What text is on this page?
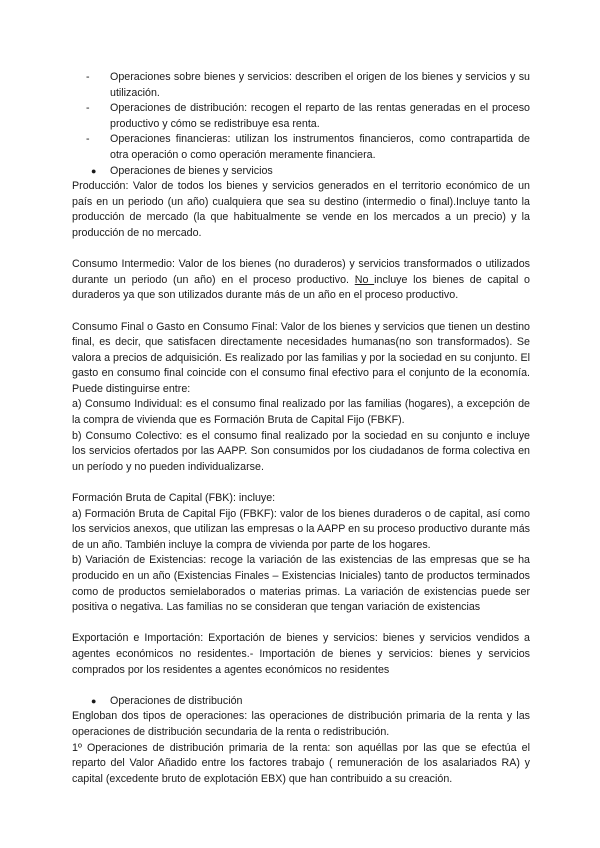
- Operaciones sobre bienes y servicios: describen el origen de los bienes y servicios y su utilización.
- Operaciones de distribución: recogen el reparto de las rentas generadas en el proceso productivo y cómo se redistribuye esa renta.
- Operaciones financieras: utilizan los instrumentos financieros, como contrapartida de otra operación o como operación meramente financiera.
● Operaciones de bienes y servicios

Producción: Valor de todos los bienes y servicios generados en el territorio económico de un país en un periodo (un año) cualquiera que sea su destino (intermedio o final).Incluye tanto la producción de mercado (la que habitualmente se vende en los mercados a un precio) y la producción de no mercado.

Consumo Intermedio: Valor de los bienes (no duraderos) y servicios transformados o utilizados durante un periodo (un año) en el proceso productivo. No incluye los bienes de capital o duraderos ya que son utilizados durante más de un año en el proceso productivo.

Consumo Final o Gasto en Consumo Final: Valor de los bienes y servicios que tienen un destino final, es decir, que satisfacen directamente necesidades humanas(no son transformados). Se valora a precios de adquisición. Es realizado por las familias y por la sociedad en su conjunto. El gasto en consumo final coincide con el consumo final efectivo para el conjunto de la economía. Puede distinguirse entre:

a) Consumo Individual: es el consumo final realizado por las familias (hogares), a excepción de la compra de vivienda que es Formación Bruta de Capital Fijo (FBKF).

b) Consumo Colectivo: es el consumo final realizado por la sociedad en su conjunto e incluye los servicios ofertados por las AAPP. Son consumidos por los ciudadanos de forma colectiva en un período y no pueden individualizarse.

Formación Bruta de Capital (FBK): incluye:

a) Formación Bruta de Capital Fijo (FBKF): valor de los bienes duraderos o de capital, así como los servicios anexos, que utilizan las empresas o la AAPP en su proceso productivo durante más de un año. También incluye la compra de vivienda por parte de los hogares.

b) Variación de Existencias: recoge la variación de las existencias de las empresas que se ha producido en un año (Existencias Finales – Existencias Iniciales) tanto de productos terminados como de productos semielaborados o materias primas. La variación de existencias puede ser positiva o negativa. Las familias no se consideran que tengan variación de existencias

Exportación e Importación: Exportación de bienes y servicios: bienes y servicios vendidos a agentes económicos no residentes.- Importación de bienes y servicios: bienes y servicios comprados por los residentes a agentes económicos no residentes

● Operaciones de distribución

Engloban dos tipos de operaciones: las operaciones de distribución primaria de la renta y las operaciones de distribución secundaria de la renta o redistribución.

1º Operaciones de distribución primaria de la renta: son aquéllas por las que se efectúa el reparto del Valor Añadido entre los factores trabajo ( remuneración de los asalariados RA) y capital (excedente bruto de explotación EBX) que han contribuido a su creación.
